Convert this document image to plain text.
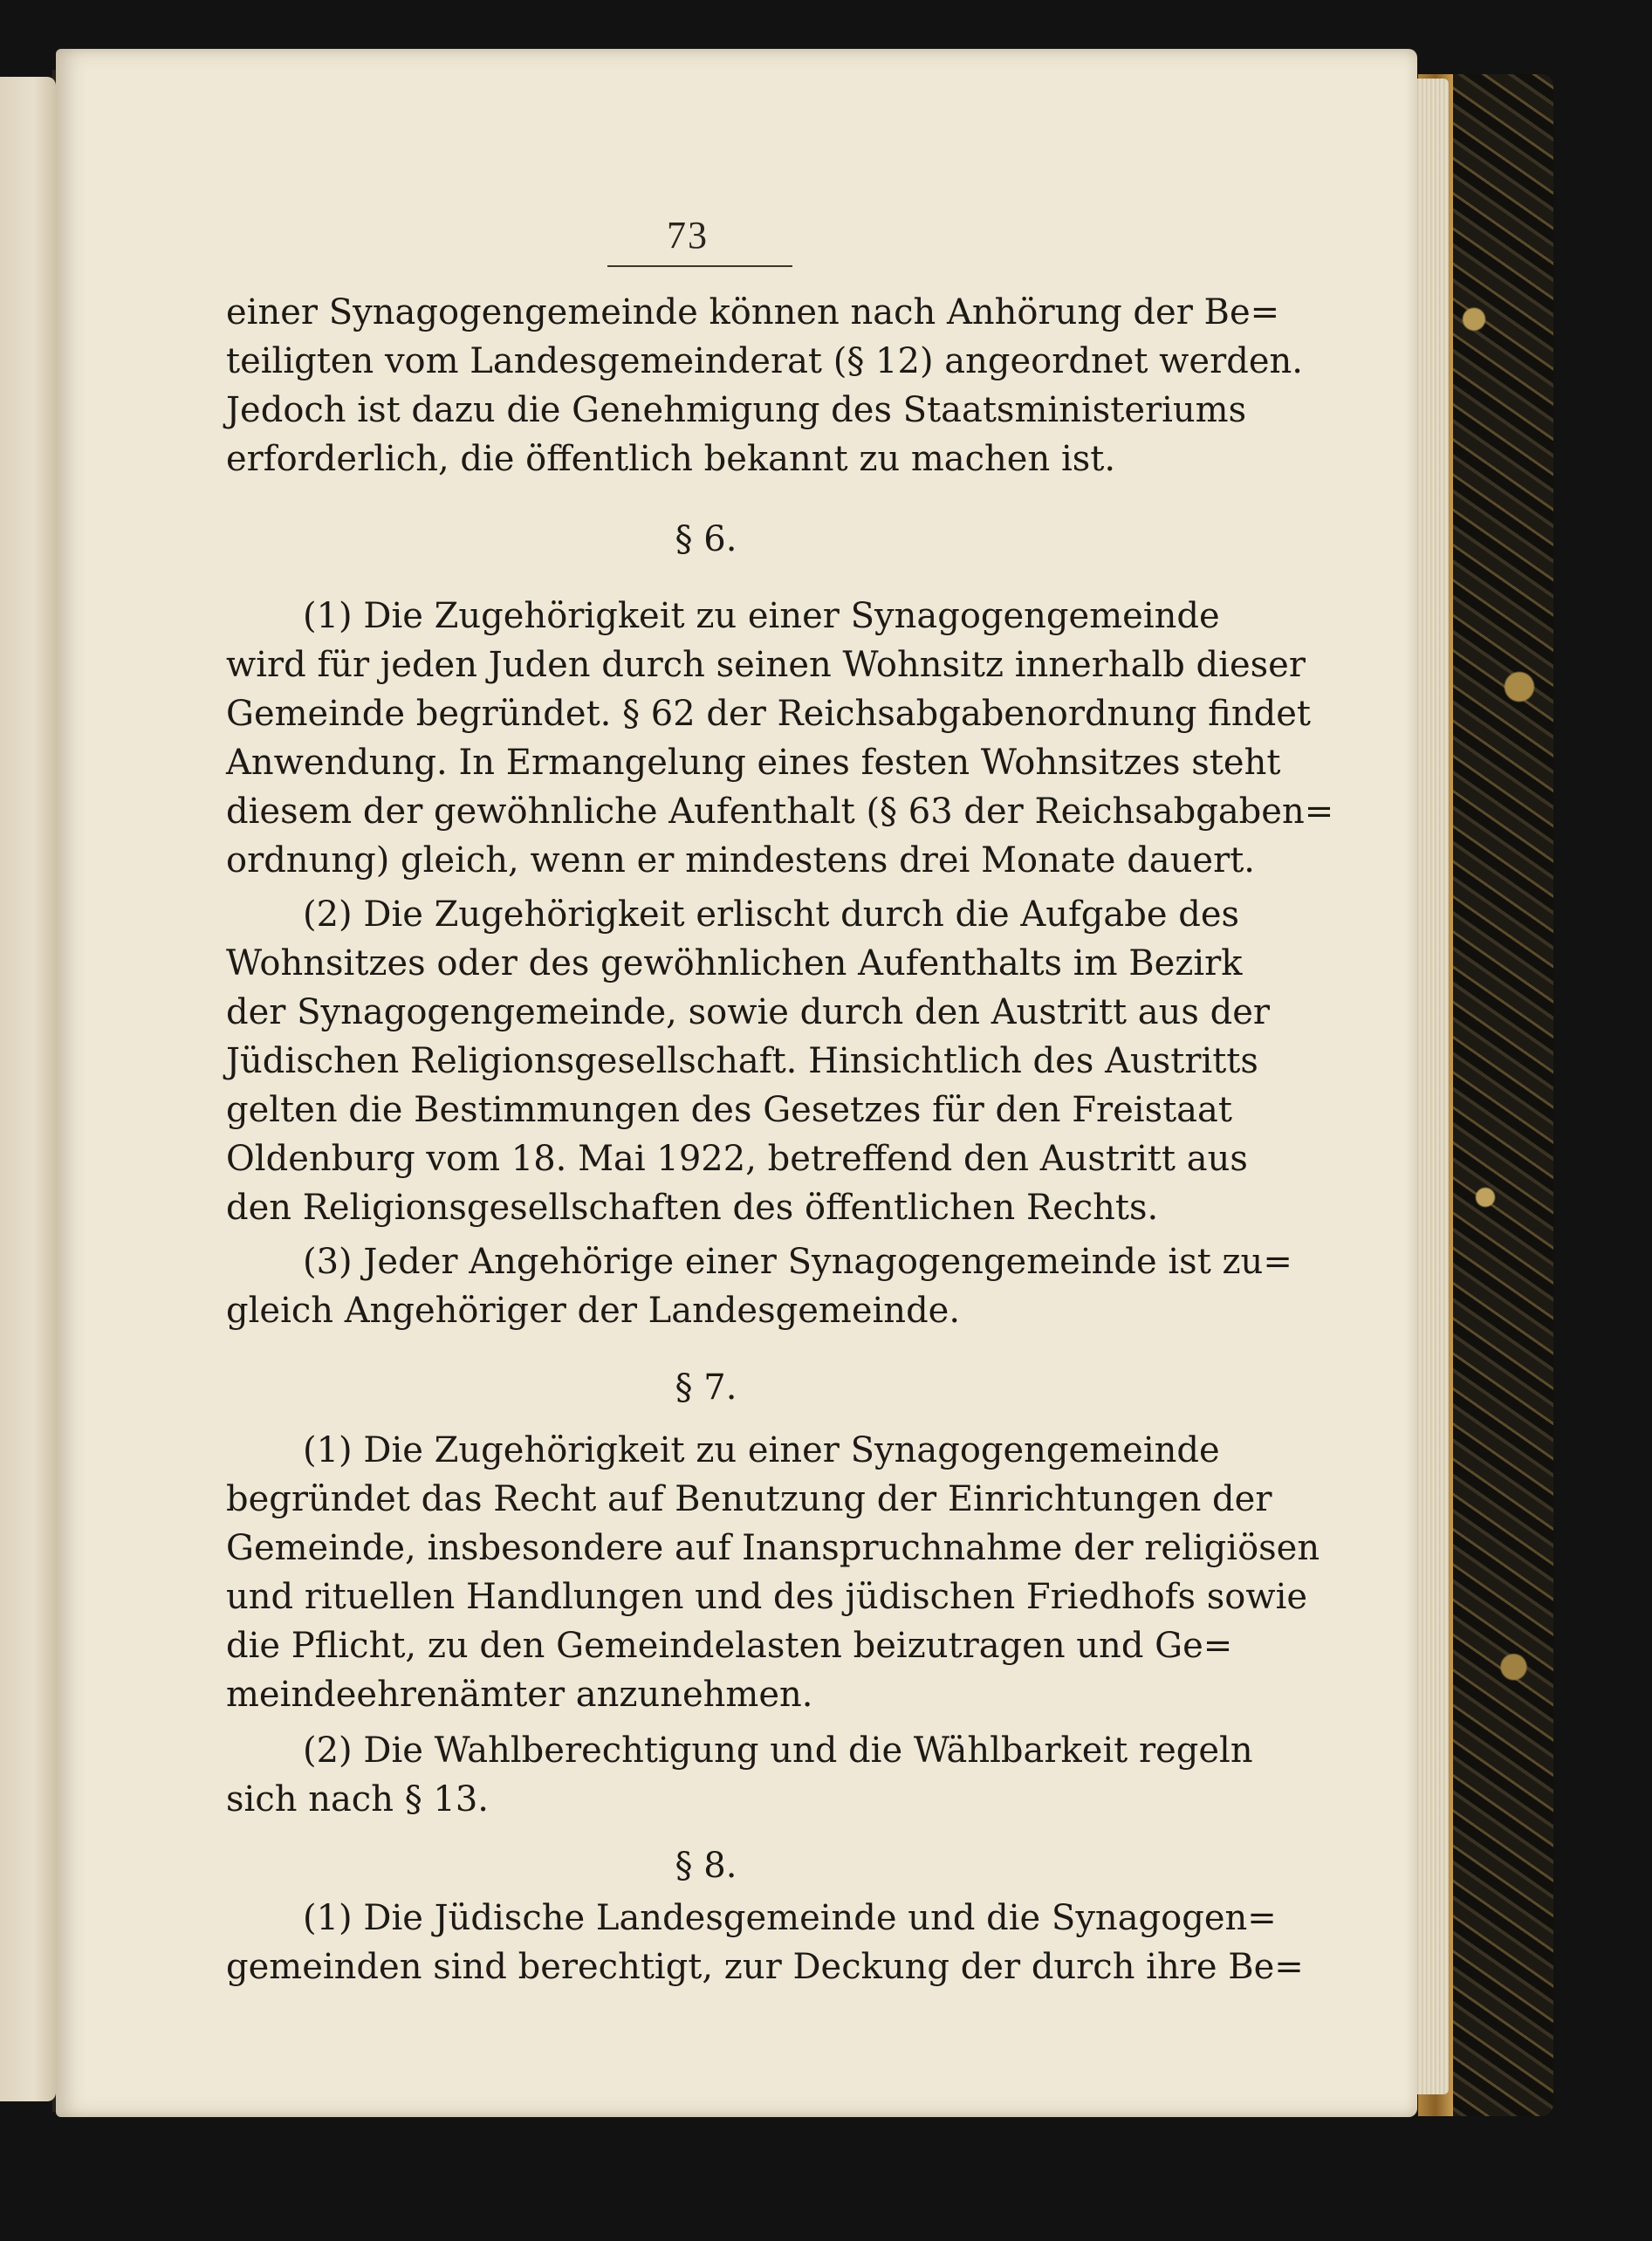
73
einer Synagogengemeinde können nach Anhörung der Be=
teiligten vom Landesgemeinderat (§ 12) angeordnet werden.
Jedoch ist dazu die Genehmigung des Staatsministeriums
erforderlich, die öffentlich bekannt zu machen ist.
§ 6.
(1) Die Zugehörigkeit zu einer Synagogengemeinde
wird für jeden Juden durch seinen Wohnsitz innerhalb dieser
Gemeinde begründet. § 62 der Reichsabgabenordnung findet
Anwendung. In Ermangelung eines festen Wohnsitzes steht
diesem der gewöhnliche Aufenthalt (§ 63 der Reichsabgaben=
ordnung) gleich, wenn er mindestens drei Monate dauert.
(2) Die Zugehörigkeit erlischt durch die Aufgabe des
Wohnsitzes oder des gewöhnlichen Aufenthalts im Bezirk
der Synagogengemeinde, sowie durch den Austritt aus der
Jüdischen Religionsgesellschaft. Hinsichtlich des Austritts
gelten die Bestimmungen des Gesetzes für den Freistaat
Oldenburg vom 18. Mai 1922, betreffend den Austritt aus
den Religionsgesellschaften des öffentlichen Rechts.
(3) Jeder Angehörige einer Synagogengemeinde ist zu=
gleich Angehöriger der Landesgemeinde.
§ 7.
(1) Die Zugehörigkeit zu einer Synagogengemeinde
begründet das Recht auf Benutzung der Einrichtungen der
Gemeinde, insbesondere auf Inanspruchnahme der religiösen
und rituellen Handlungen und des jüdischen Friedhofs sowie
die Pflicht, zu den Gemeindelasten beizutragen und Ge=
meindeehrenämter anzunehmen.
(2) Die Wahlberechtigung und die Wählbarkeit regeln
sich nach § 13.
§ 8.
(1) Die Jüdische Landesgemeinde und die Synagogen=
gemeinden sind berechtigt, zur Deckung der durch ihre Be=
